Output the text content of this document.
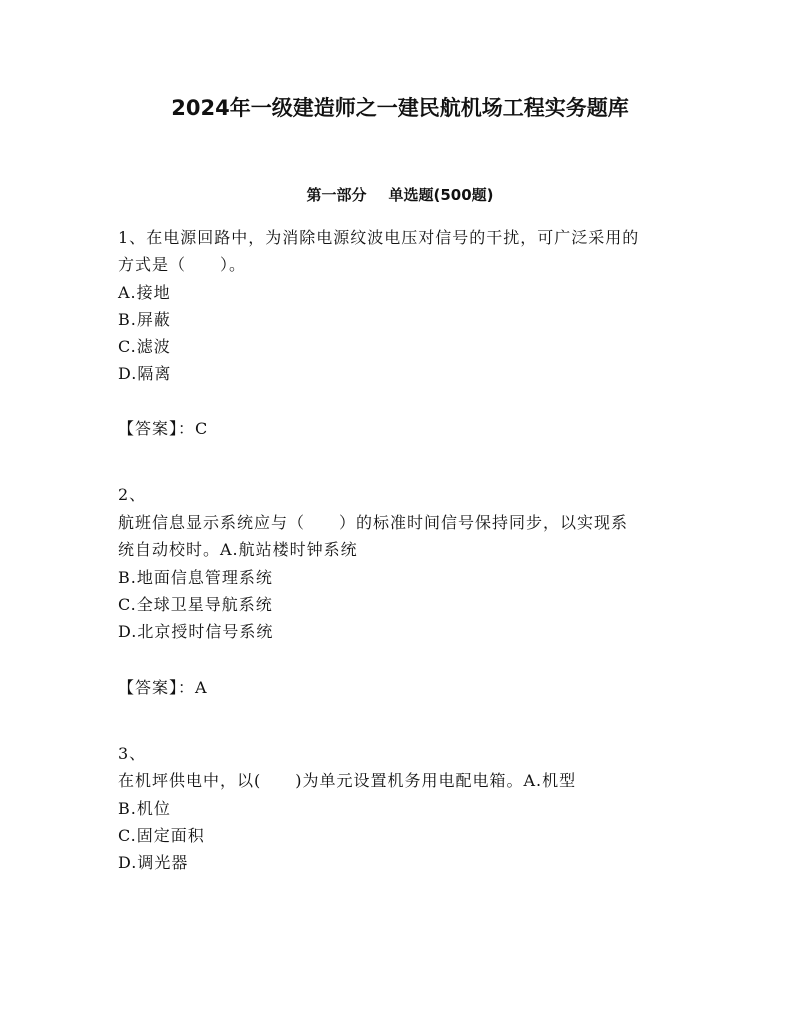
2024年一级建造师之一建民航机场工程实务题库
第一部分 单选题(500题)

1、在电源回路中，为消除电源纹波电压对信号的干扰，可广泛采用的

方式是（　　）。

A.接地

B.屏蔽

C.滤波

D.隔离

【答案】：C

2、

航班信息显示系统应与（　　）的标准时间信号保持同步，以实现系

统自动校时。A.航站楼时钟系统

B.地面信息管理系统

C.全球卫星导航系统

D.北京授时信号系统

【答案】：A

3、

在机坪供电中，以(　　)为单元设置机务用电配电箱。A.机型

B.机位

C.固定面积

D.调光器
